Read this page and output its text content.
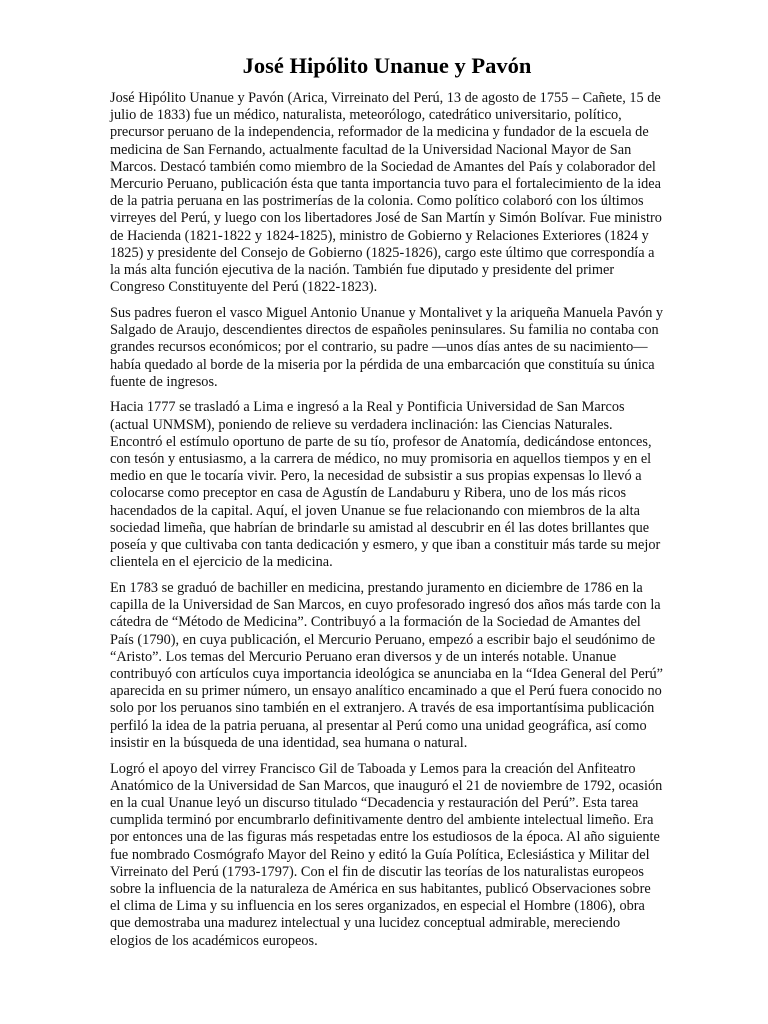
José Hipólito Unanue y Pavón

José Hipólito Unanue y Pavón (Arica, Virreinato del Perú, 13 de agosto de 1755 – Cañete, 15 de julio de 1833) fue un médico, naturalista, meteorólogo, catedrático universitario, político, precursor peruano de la independencia, reformador de la medicina y fundador de la escuela de medicina de San Fernando, actualmente facultad de la Universidad Nacional Mayor de San Marcos. Destacó también como miembro de la Sociedad de Amantes del País y colaborador del Mercurio Peruano, publicación ésta que tanta importancia tuvo para el fortalecimiento de la idea de la patria peruana en las postrimerías de la colonia. Como político colaboró con los últimos virreyes del Perú, y luego con los libertadores José de San Martín y Simón Bolívar. Fue ministro de Hacienda (1821-1822 y 1824-1825), ministro de Gobierno y Relaciones Exteriores (1824 y 1825) y presidente del Consejo de Gobierno (1825-1826), cargo este último que correspondía a la más alta función ejecutiva de la nación. También fue diputado y presidente del primer Congreso Constituyente del Perú (1822-1823).

Sus padres fueron el vasco Miguel Antonio Unanue y Montalivet y la ariqueña Manuela Pavón y Salgado de Araujo, descendientes directos de españoles peninsulares. Su familia no contaba con grandes recursos económicos; por el contrario, su padre —unos días antes de su nacimiento— había quedado al borde de la miseria por la pérdida de una embarcación que constituía su única fuente de ingresos.

Hacia 1777 se trasladó a Lima e ingresó a la Real y Pontificia Universidad de San Marcos (actual UNMSM), poniendo de relieve su verdadera inclinación: las Ciencias Naturales. Encontró el estímulo oportuno de parte de su tío, profesor de Anatomía, dedicándose entonces, con tesón y entusiasmo, a la carrera de médico, no muy promisoria en aquellos tiempos y en el medio en que le tocaría vivir. Pero, la necesidad de subsistir a sus propias expensas lo llevó a colocarse como preceptor en casa de Agustín de Landaburu y Ribera, uno de los más ricos hacendados de la capital. Aquí, el joven Unanue se fue relacionando con miembros de la alta sociedad limeña, que habrían de brindarle su amistad al descubrir en él las dotes brillantes que poseía y que cultivaba con tanta dedicación y esmero, y que iban a constituir más tarde su mejor clientela en el ejercicio de la medicina.

En 1783 se graduó de bachiller en medicina, prestando juramento en diciembre de 1786 en la capilla de la Universidad de San Marcos, en cuyo profesorado ingresó dos años más tarde con la cátedra de “Método de Medicina”. Contribuyó a la formación de la Sociedad de Amantes del País (1790), en cuya publicación, el Mercurio Peruano, empezó a escribir bajo el seudónimo de “Aristo”. Los temas del Mercurio Peruano eran diversos y de un interés notable. Unanue contribuyó con artículos cuya importancia ideológica se anunciaba en la “Idea General del Perú” aparecida en su primer número, un ensayo analítico encaminado a que el Perú fuera conocido no solo por los peruanos sino también en el extranjero. A través de esa importantísima publicación perfiló la idea de la patria peruana, al presentar al Perú como una unidad geográfica, así como insistir en la búsqueda de una identidad, sea humana o natural.

Logró el apoyo del virrey Francisco Gil de Taboada y Lemos para la creación del Anfiteatro Anatómico de la Universidad de San Marcos, que inauguró el 21 de noviembre de 1792, ocasión en la cual Unanue leyó un discurso titulado “Decadencia y restauración del Perú”. Esta tarea cumplida terminó por encumbrarlo definitivamente dentro del ambiente intelectual limeño. Era por entonces una de las figuras más respetadas entre los estudiosos de la época. Al año siguiente fue nombrado Cosmógrafo Mayor del Reino y editó la Guía Política, Eclesiástica y Militar del Virreinato del Perú (1793-1797). Con el fin de discutir las teorías de los naturalistas europeos sobre la influencia de la naturaleza de América en sus habitantes, publicó Observaciones sobre el clima de Lima y su influencia en los seres organizados, en especial el Hombre (1806), obra que demostraba una madurez intelectual y una lucidez conceptual admirable, mereciendo elogios de los académicos europeos.
